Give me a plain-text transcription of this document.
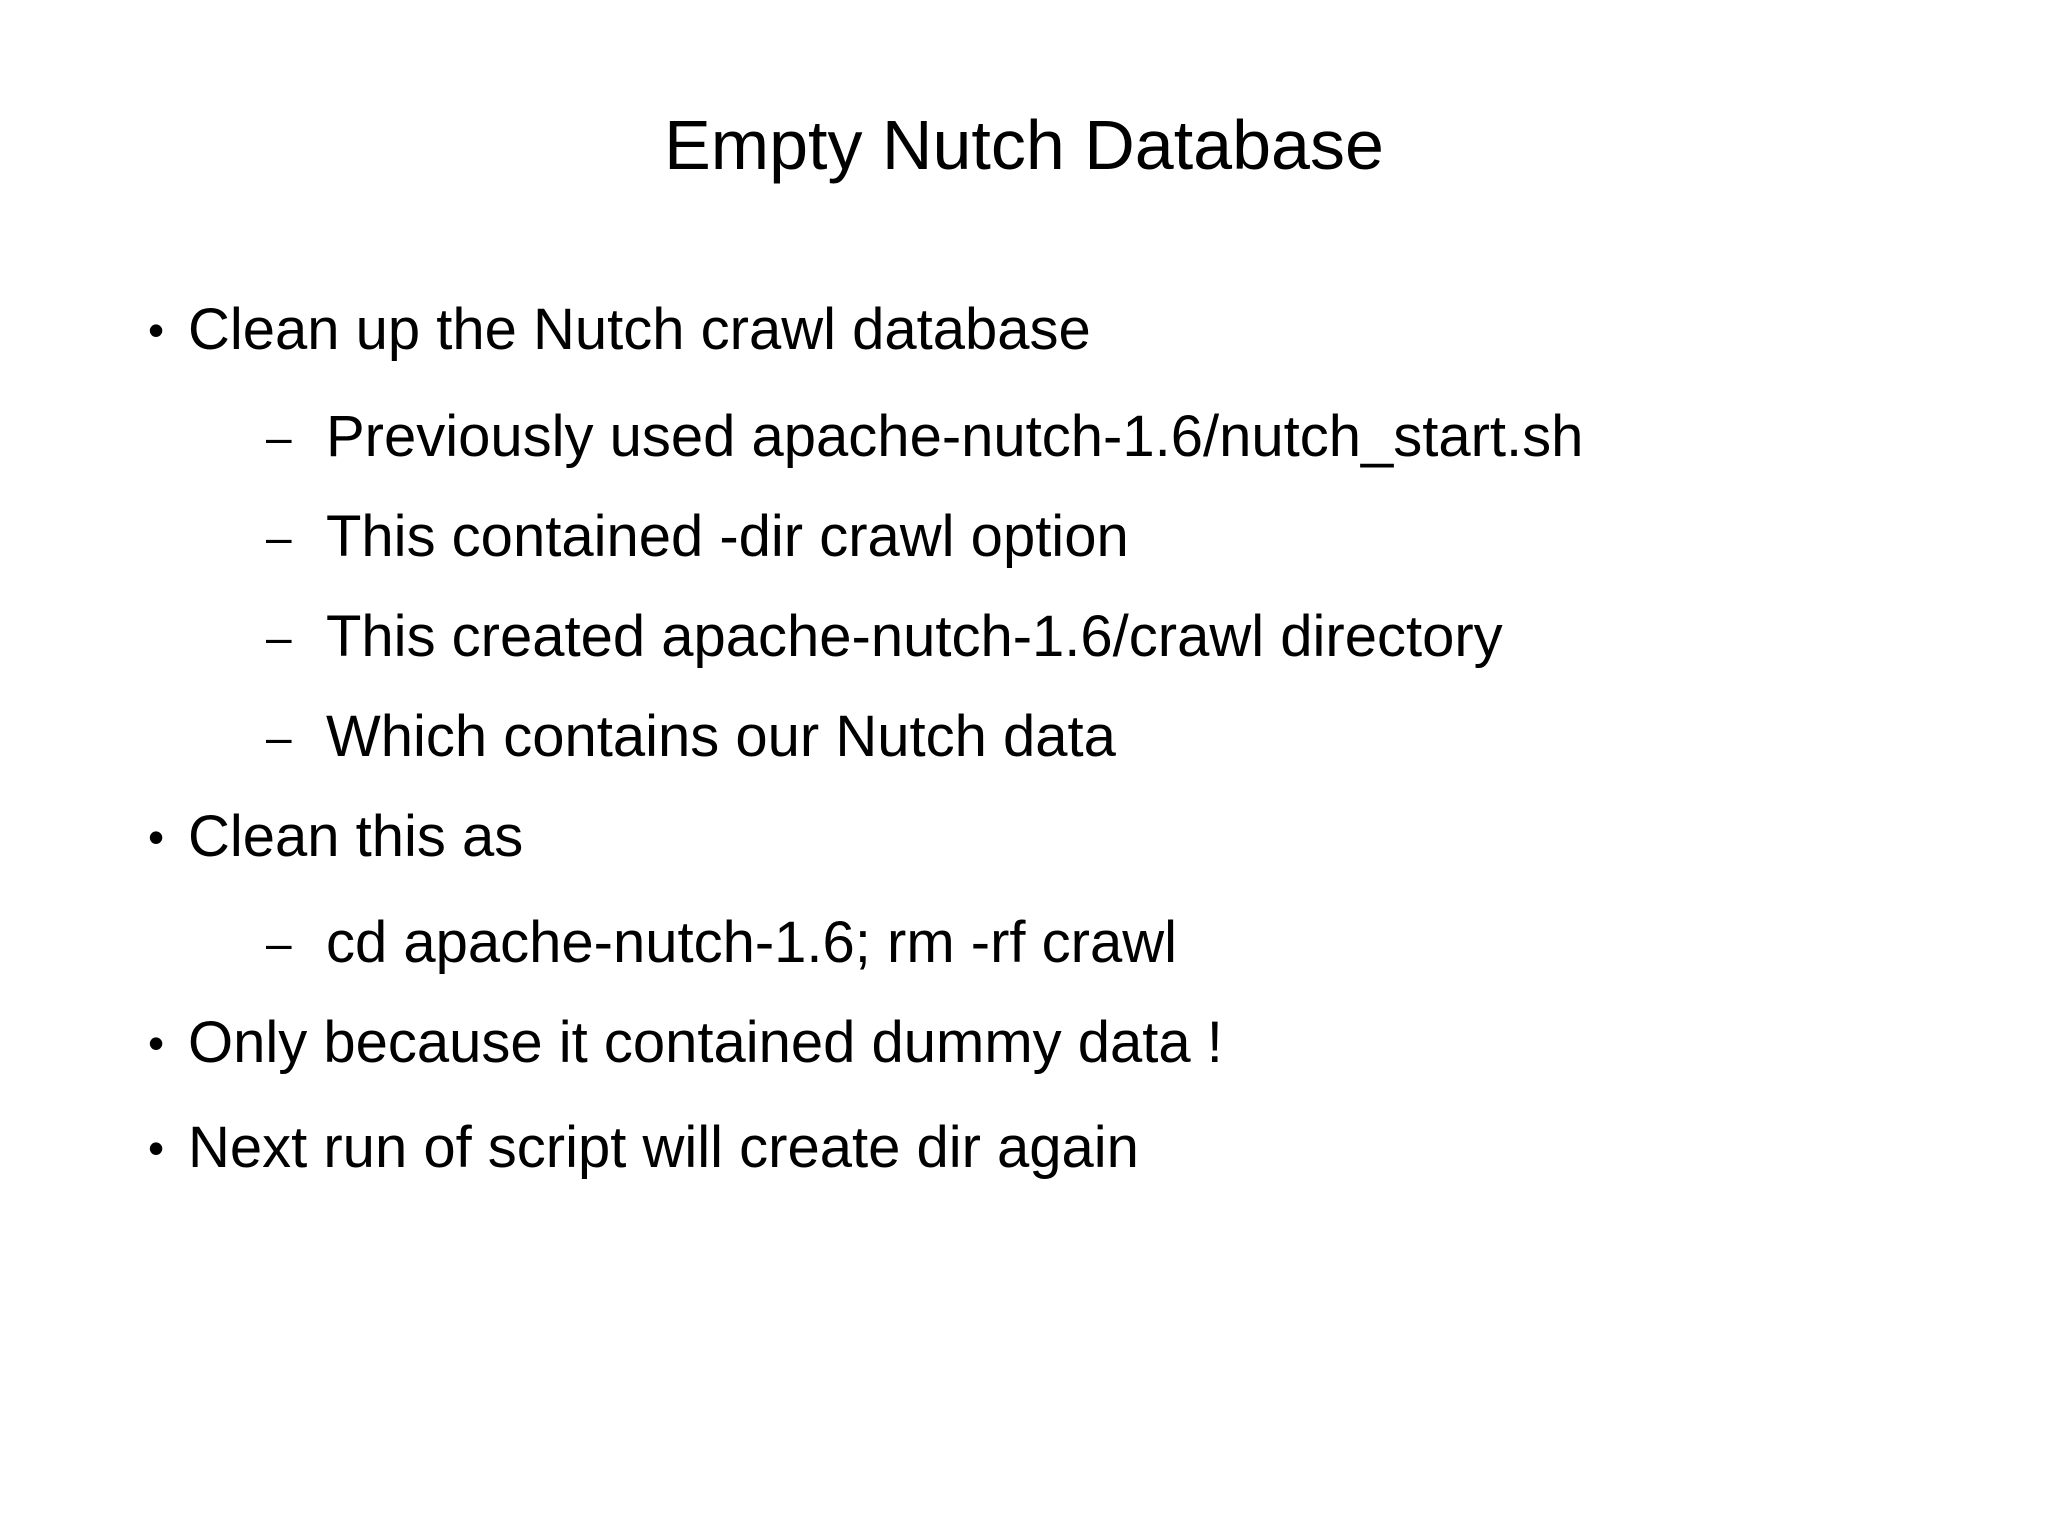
Empty Nutch Database
• Clean up the Nutch crawl database
– Previously used apache-nutch-1.6/nutch_start.sh
– This contained -dir crawl option
– This created apache-nutch-1.6/crawl directory
– Which contains our Nutch data
• Clean this as
– cd apache-nutch-1.6; rm -rf crawl
• Only because it contained dummy data !
• Next run of script will create dir again
